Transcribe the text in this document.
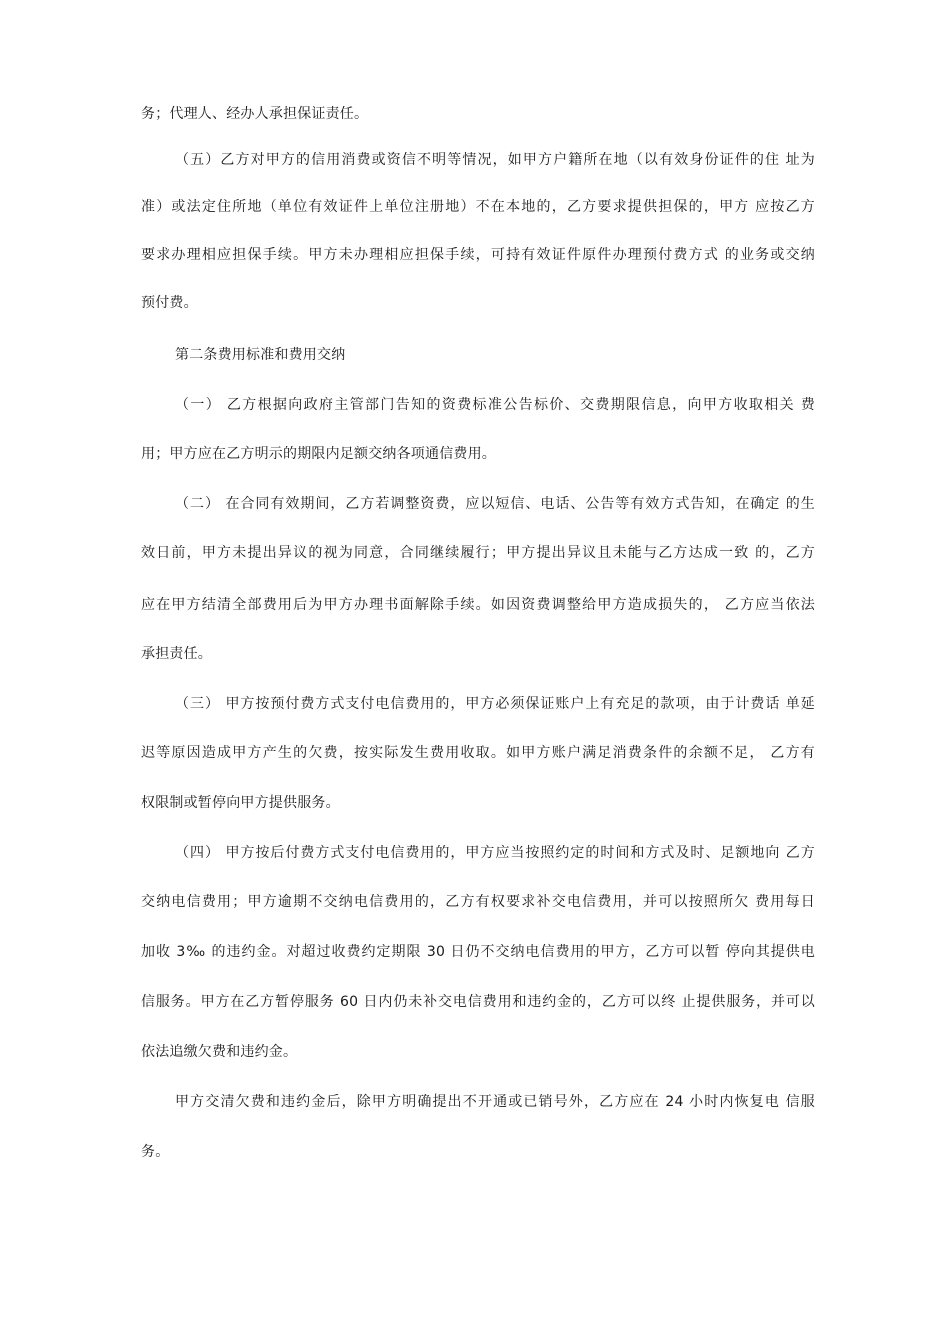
务；代理人、经办人承担保证责任。
（五）乙方对甲方的信用消费或资信不明等情况，如甲方户籍所在地（以有效身份证件的住 址为
准）或法定住所地（单位有效证件上单位注册地）不在本地的，乙方要求提供担保的，甲方 应按乙方
要求办理相应担保手续。甲方未办理相应担保手续，可持有效证件原件办理预付费方式 的业务或交纳
预付费。
第二条费用标准和费用交纳
（一） 乙方根据向政府主管部门告知的资费标准公告标价、交费期限信息，向甲方收取相关 费
用；甲方应在乙方明示的期限内足额交纳各项通信费用。
（二） 在合同有效期间，乙方若调整资费，应以短信、电话、公告等有效方式告知，在确定 的生
效日前，甲方未提出异议的视为同意，合同继续履行；甲方提出异议且未能与乙方达成一致 的，乙方
应在甲方结清全部费用后为甲方办理书面解除手续。如因资费调整给甲方造成损失的， 乙方应当依法
承担责任。
（三） 甲方按预付费方式支付电信费用的，甲方必须保证账户上有充足的款项，由于计费话 单延
迟等原因造成甲方产生的欠费，按实际发生费用收取。如甲方账户满足消费条件的余额不足， 乙方有
权限制或暂停向甲方提供服务。
（四） 甲方按后付费方式支付电信费用的，甲方应当按照约定的时间和方式及时、足额地向 乙方
交纳电信费用；甲方逾期不交纳电信费用的，乙方有权要求补交电信费用，并可以按照所欠 费用每日
加收 3‰ 的违约金。对超过收费约定期限 30 日仍不交纳电信费用的甲方，乙方可以暂 停向其提供电
信服务。甲方在乙方暂停服务 60 日内仍未补交电信费用和违约金的，乙方可以终 止提供服务，并可以
依法追缴欠费和违约金。
甲方交清欠费和违约金后，除甲方明确提出不开通或已销号外，乙方应在 24 小时内恢复电 信服
务。
